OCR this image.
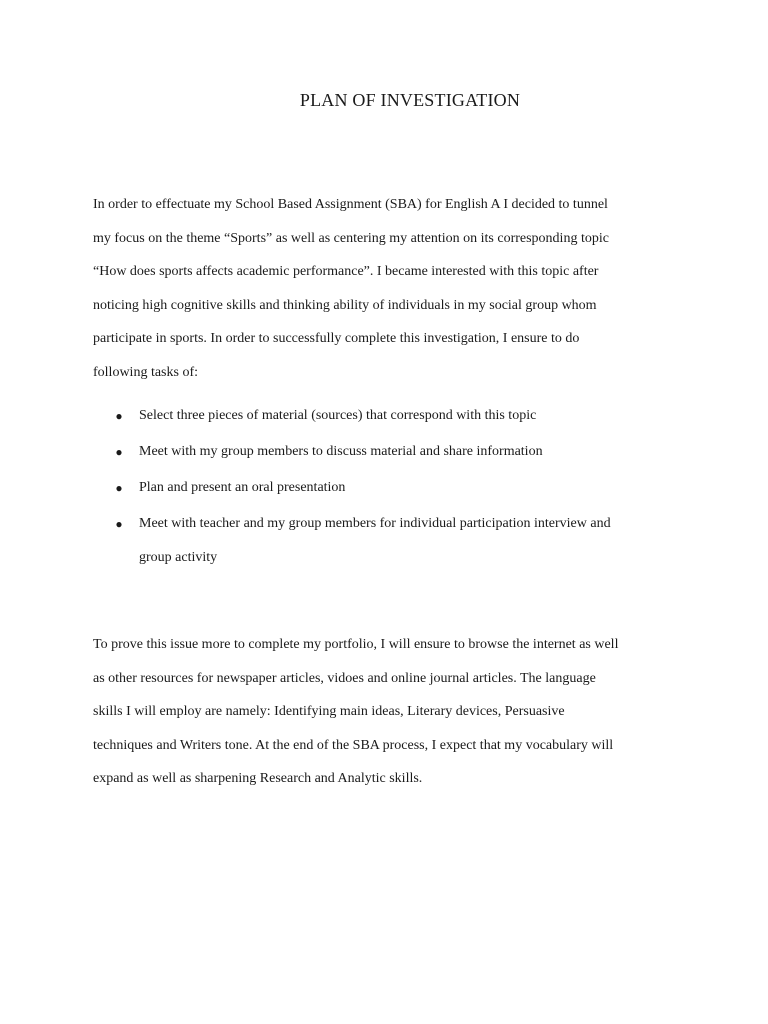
PLAN OF INVESTIGATION
In order to effectuate my School Based Assignment (SBA) for English A I decided to tunnel
my focus on the theme “Sports” as well as centering my attention on its corresponding topic
“How does sports affects academic performance”. I became interested with this topic after
noticing high cognitive skills and thinking ability of individuals in my social group whom
participate in sports. In order to successfully complete this investigation, I ensure to do
following tasks of:
● Select three pieces of material (sources) that correspond with this topic
● Meet with my group members to discuss material and share information
● Plan and present an oral presentation
● Meet with teacher and my group members for individual participation interview and
group activity
To prove this issue more to complete my portfolio, I will ensure to browse the internet as well
as other resources for newspaper articles, vidoes and online journal articles. The language
skills I will employ are namely: Identifying main ideas, Literary devices, Persuasive
techniques and Writers tone. At the end of the SBA process, I expect that my vocabulary will
expand as well as sharpening Research and Analytic skills.
